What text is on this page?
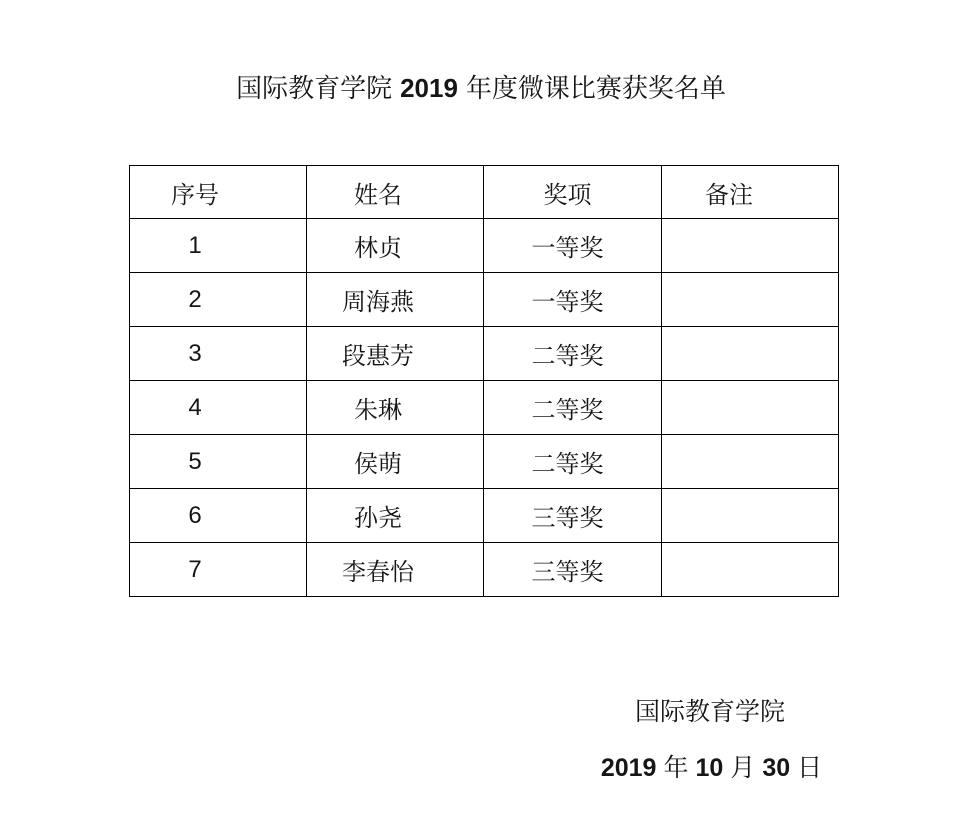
国际教育学院 2019 年度微课比赛获奖名单
序号	姓名	奖项	备注
1	林贞	一等奖	
2	周海燕	一等奖	
3	段惠芳	二等奖	
4	朱琳	二等奖	
5	侯萌	二等奖	
6	孙尧	三等奖	
7	李春怡	三等奖	
国际教育学院
2019 年 10 月 30 日
